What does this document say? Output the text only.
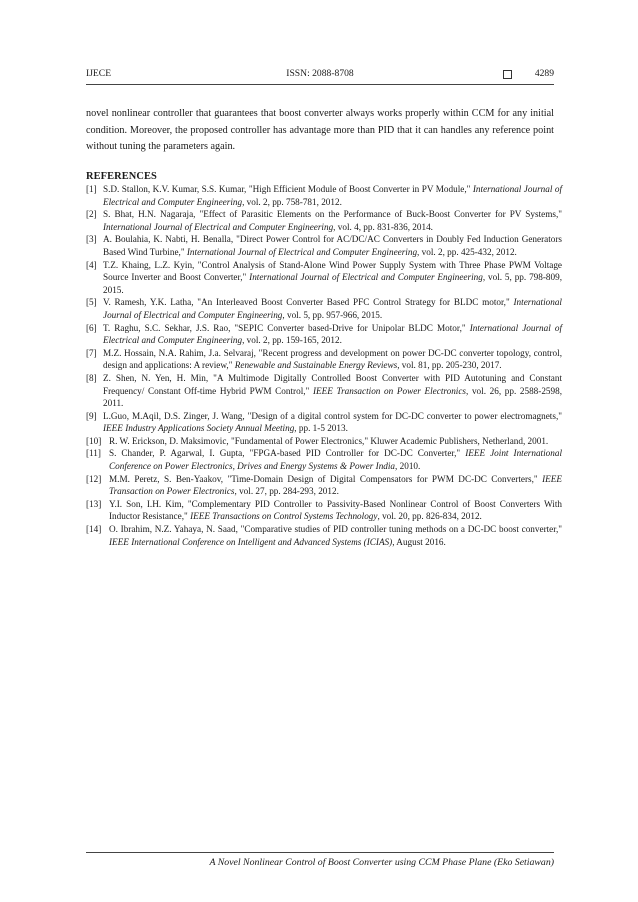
IJECE	ISSN: 2088-8708	4289

novel nonlinear controller that guarantees that boost converter always works properly within CCM for any initial condition. Moreover, the proposed controller has advantage more than PID that it can handles any reference point without tuning the parameters again.

REFERENCES
[1] S.D. Stallon, K.V. Kumar, S.S. Kumar, "High Efficient Module of Boost Converter in PV Module," International Journal of Electrical and Computer Engineering, vol. 2, pp. 758-781, 2012.
[2] S. Bhat, H.N. Nagaraja, "Effect of Parasitic Elements on the Performance of Buck-Boost Converter for PV Systems," International Journal of Electrical and Computer Engineering, vol. 4, pp. 831-836, 2014.
[3] A. Boulahia, K. Nabti, H. Benalla, "Direct Power Control for AC/DC/AC Converters in Doubly Fed Induction Generators Based Wind Turbine," International Journal of Electrical and Computer Engineering, vol. 2, pp. 425-432, 2012.
[4] T.Z. Khaing, L.Z. Kyin, "Control Analysis of Stand-Alone Wind Power Supply System with Three Phase PWM Voltage Source Inverter and Boost Converter," International Journal of Electrical and Computer Engineering, vol. 5, pp. 798-809, 2015.
[5] V. Ramesh, Y.K. Latha, "An Interleaved Boost Converter Based PFC Control Strategy for BLDC motor," International Journal of Electrical and Computer Engineering, vol. 5, pp. 957-966, 2015.
[6] T. Raghu, S.C. Sekhar, J.S. Rao, "SEPIC Converter based-Drive for Unipolar BLDC Motor," International Journal of Electrical and Computer Engineering, vol. 2, pp. 159-165, 2012.
[7] M.Z. Hossain, N.A. Rahim, J.a. Selvaraj, "Recent progress and development on power DC-DC converter topology, control, design and applications: A review," Renewable and Sustainable Energy Reviews, vol. 81, pp. 205-230, 2017.
[8] Z. Shen, N. Yen, H. Min, "A Multimode Digitally Controlled Boost Converter with PID Autotuning and Constant Frequency/ Constant Off-time Hybrid PWM Control," IEEE Transaction on Power Electronics, vol. 26, pp. 2588-2598, 2011.
[9] L.Guo, M.Aqil, D.S. Zinger, J. Wang, "Design of a digital control system for DC-DC converter to power electromagnets," IEEE Industry Applications Society Annual Meeting, pp. 1-5 2013.
[10] R. W. Erickson, D. Maksimovic, "Fundamental of Power Electronics," Kluwer Academic Publishers, Netherland, 2001.
[11] S. Chander, P. Agarwal, I. Gupta, "FPGA-based PID Controller for DC-DC Converter," IEEE Joint International Conference on Power Electronics, Drives and Energy Systems & Power India, 2010.
[12] M.M. Peretz, S. Ben-Yaakov, "Time-Domain Design of Digital Compensators for PWM DC-DC Converters," IEEE Transaction on Power Electronics, vol. 27, pp. 284-293, 2012.
[13] Y.I. Son, I.H. Kim, "Complementary PID Controller to Passivity-Based Nonlinear Control of Boost Converters With Inductor Resistance," IEEE Transactions on Control Systems Technology, vol. 20, pp. 826-834, 2012.
[14] O. Ibrahim, N.Z. Yahaya, N. Saad, "Comparative studies of PID controller tuning methods on a DC-DC boost converter," IEEE International Conference on Intelligent and Advanced Systems (ICIAS), August 2016.
A Novel Nonlinear Control of Boost Converter using CCM Phase Plane (Eko Setiawan)
